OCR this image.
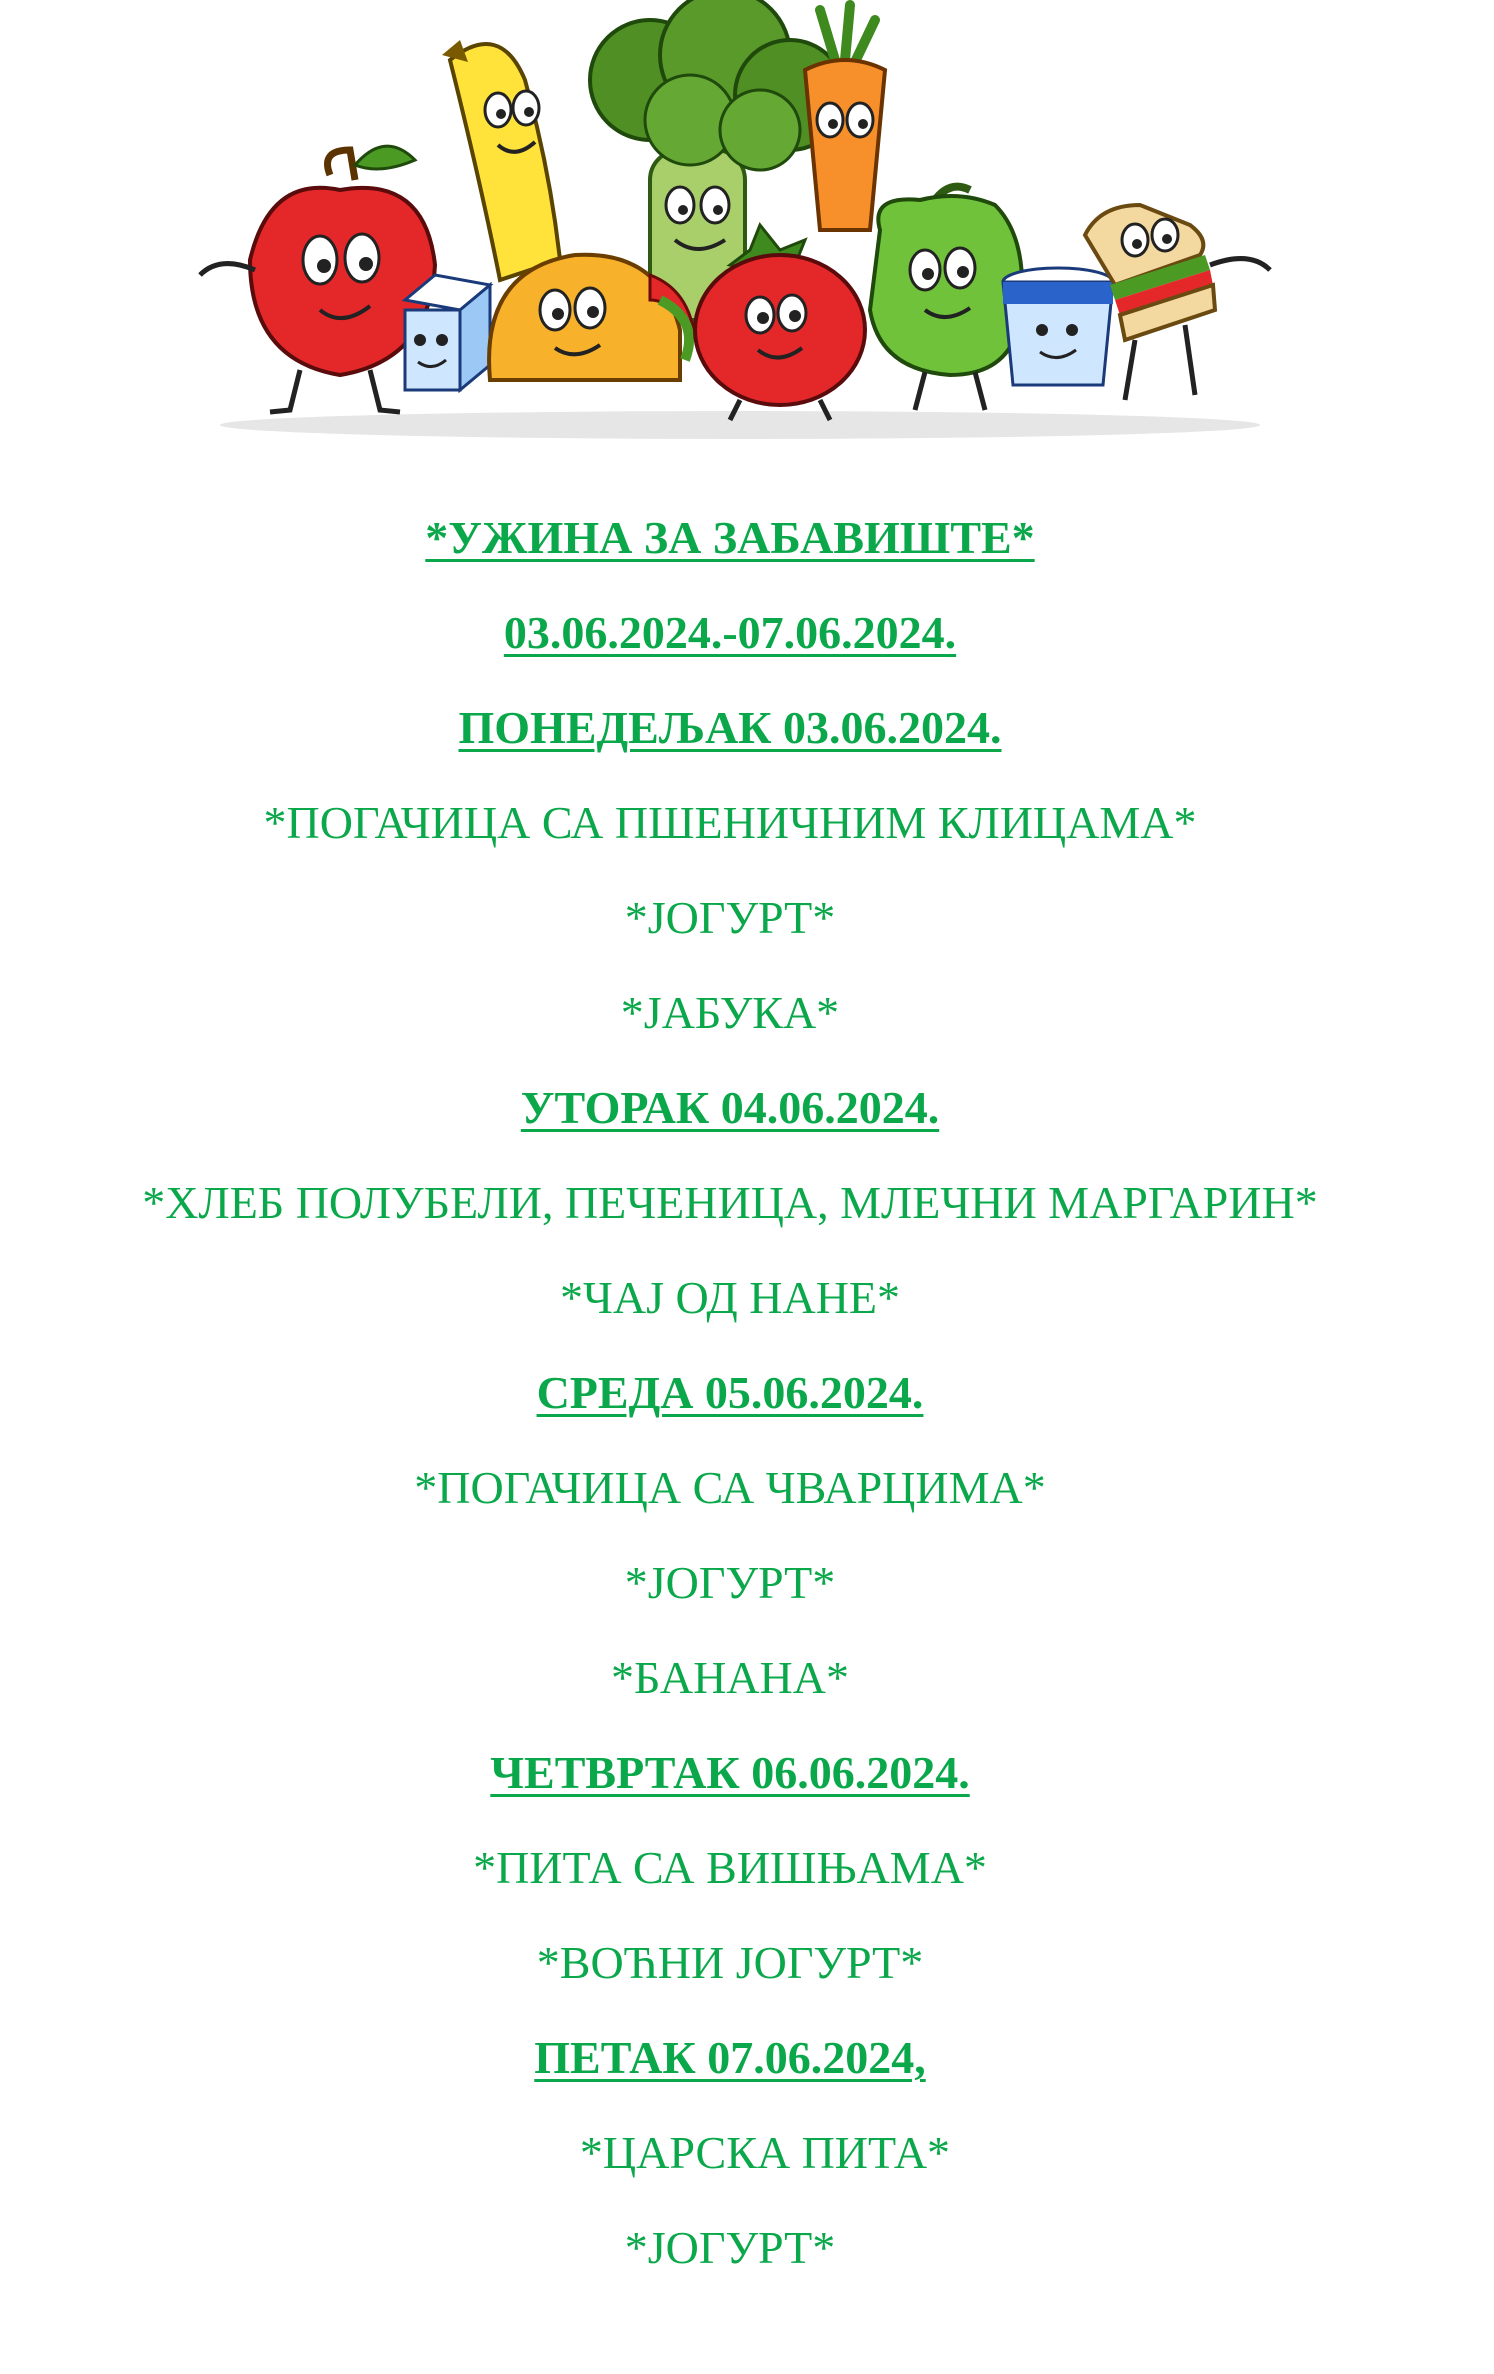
*УЖИНА ЗА ЗАБАВИШТЕ*
03.06.2024.-07.06.2024.
ПОНЕДЕЉАК 03.06.2024.
*ПОГАЧИЦА СА ПШЕНИЧНИМ КЛИЦАМА*
*ЈОГУРТ*
*ЈАБУКА*
УТОРАК 04.06.2024.
*ХЛЕБ ПОЛУБЕЛИ, ПЕЧЕНИЦА, МЛЕЧНИ МАРГАРИН*
*ЧАЈ ОД НАНЕ*
СРЕДА 05.06.2024.
*ПОГАЧИЦА СА ЧВАРЦИМА*
*ЈОГУРТ*
*БАНАНА*
ЧЕТВРТАК 06.06.2024.
*ПИТА СА ВИШЊАМА*
*ВОЋНИ ЈОГУРТ*
ПЕТАК 07.06.2024,
*ЦАРСКА ПИТА*
*ЈОГУРТ*
